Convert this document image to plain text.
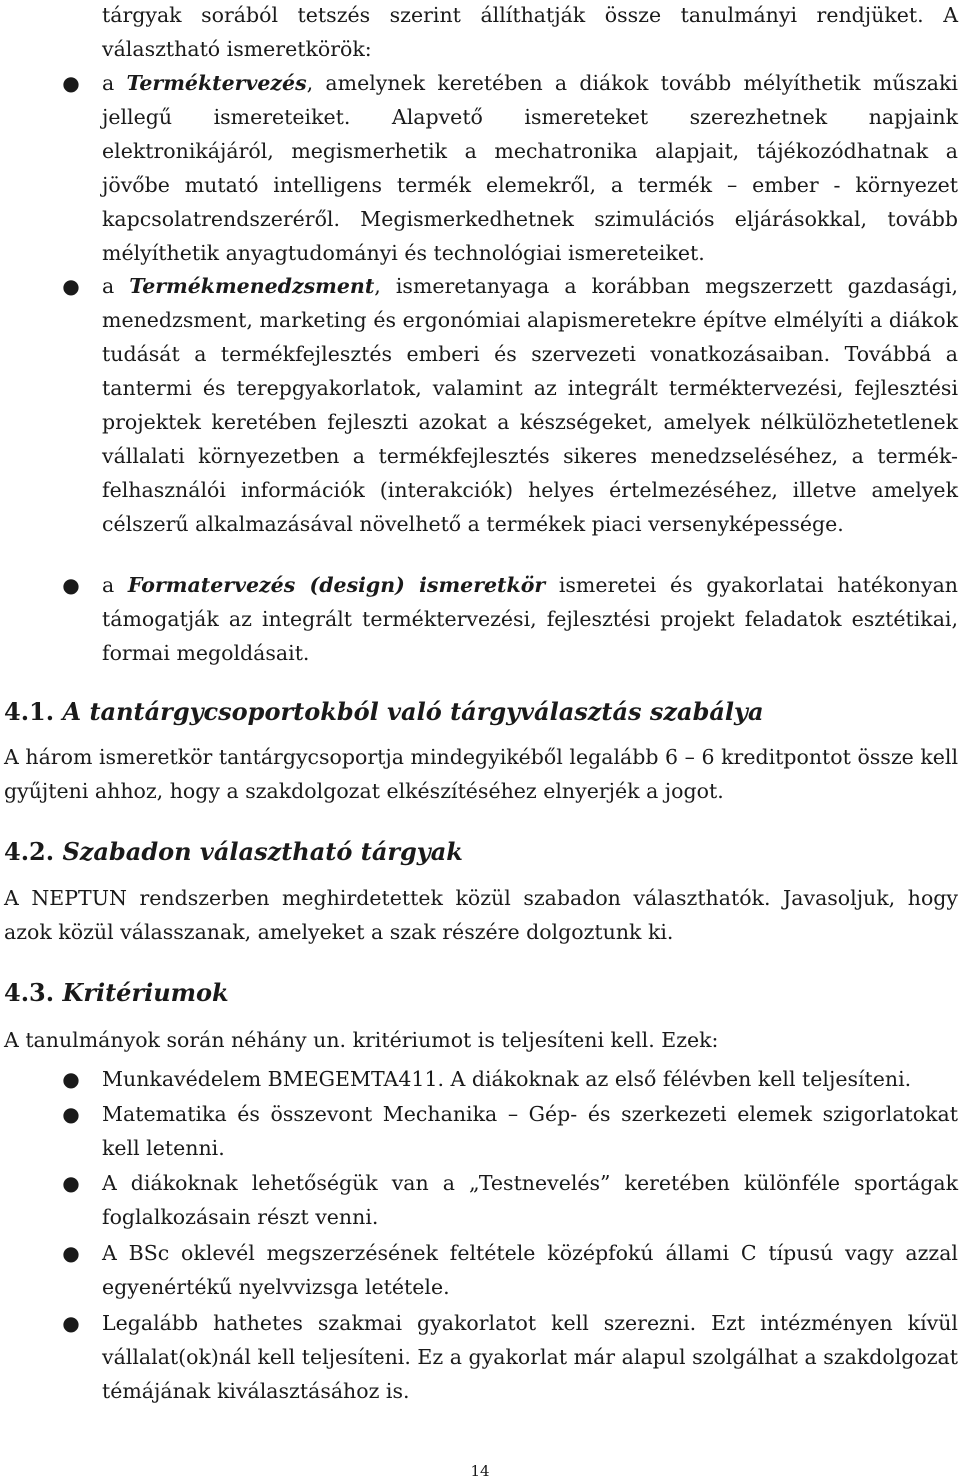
tárgyak sorából tetszés szerint állíthatják össze tanulmányi rendjüket. A választható ismeretkörök:

● a Terméktervezés, amelynek keretében a diákok tovább mélyíthetik műszaki jellegű ismereteiket. Alapvető ismereteket szerezhetnek napjaink elektronikájáról, megismerhetik a mechatronika alapjait, tájékozódhatnak a jövőbe mutató intelligens termék elemekről, a termék – ember - környezet kapcsolatrendszeréről. Megismerkedhetnek szimulációs eljárásokkal, tovább mélyíthetik anyagtudományi és technológiai ismereteiket.

● a Termékmenedzsment, ismeretanyaga a korábban megszerzett gazdasági, menedzsment, marketing és ergonómiai alapismeretekre építve elmélyíti a diákok tudását a termékfejlesztés emberi és szervezeti vonatkozásaiban. Továbbá a tantermi és terepgyakorlatok, valamint az integrált terméktervezési, fejlesztési projektek keretében fejleszti azokat a készségeket, amelyek nélkülözhetetlenek vállalati környezetben a termékfejlesztés sikeres menedzseléséhez, a termék- felhasználói információk (interakciók) helyes értelmezéséhez, illetve amelyek célszerű alkalmazásával növelhető a termékek piaci versenyképessége.

● a Formatervezés (design) ismeretkör ismeretei és gyakorlatai hatékonyan támogatják az integrált terméktervezési, fejlesztési projekt feladatok esztétikai, formai megoldásait.

4.1. A tantárgycsoportokból való tárgyválasztás szabálya

A három ismeretkör tantárgycsoportja mindegyikéből legalább 6 – 6 kreditpontot össze kell gyűjteni ahhoz, hogy a szakdolgozat elkészítéséhez elnyerjék a jogot.

4.2. Szabadon választható tárgyak

A NEPTUN rendszerben meghirdetettek közül szabadon választhatók. Javasoljuk, hogy azok közül válasszanak, amelyeket a szak részére dolgoztunk ki.

4.3. Kritériumok

A tanulmányok során néhány un. kritériumot is teljesíteni kell. Ezek:

● Munkavédelem BMEGEMTA411. A diákoknak az első félévben kell teljesíteni.

● Matematika és összevont Mechanika – Gép- és szerkezeti elemek szigorlatokat kell letenni.

● A diákoknak lehetőségük van a „Testnevelés” keretében különféle sportágak foglalkozásain részt venni.

● A BSc oklevél megszerzésének feltétele középfokú állami C típusú vagy azzal egyenértékű nyelvvizsga letétele.

● Legalább hathetes szakmai gyakorlatot kell szerezni. Ezt intézményen kívül vállalat(ok)nál kell teljesíteni. Ez a gyakorlat már alapul szolgálhat a szakdolgozat témájának kiválasztásához is.

14
